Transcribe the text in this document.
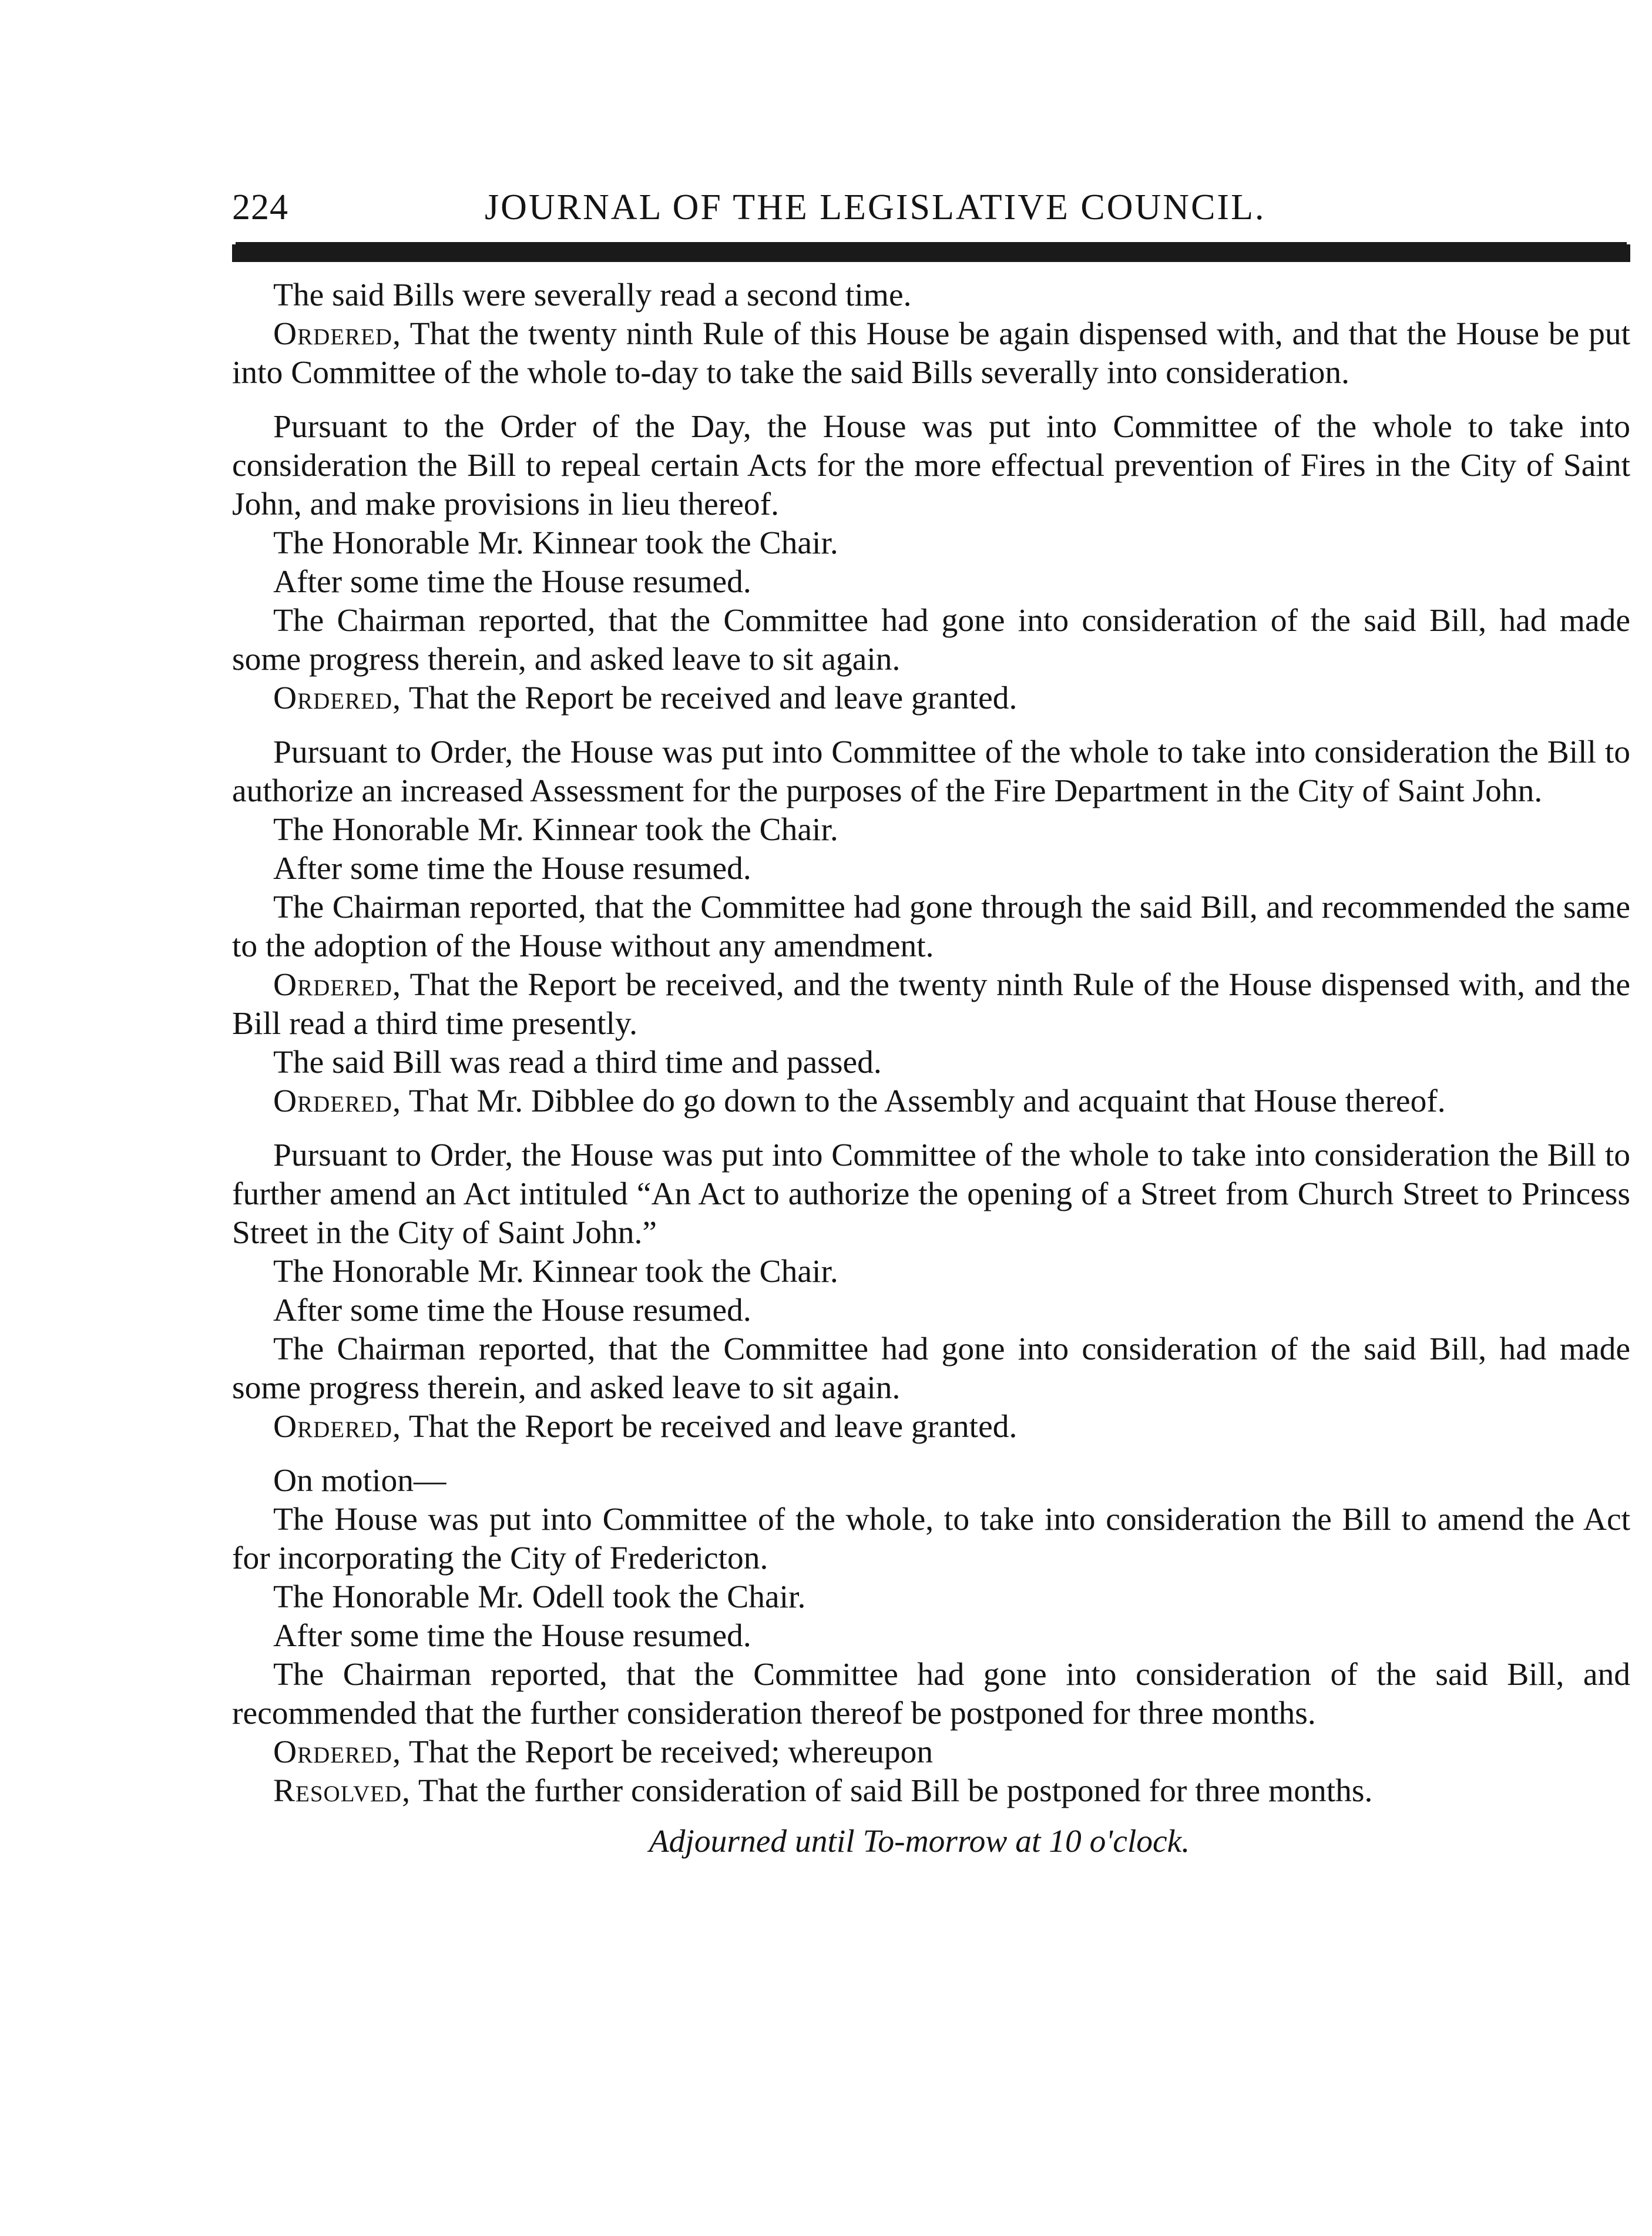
224	JOURNAL OF THE LEGISLATIVE COUNCIL.

The said Bills were severally read a second time.

Ordered, That the twenty ninth Rule of this House be again dispensed with, and that the House be put into Committee of the whole to-day to take the said Bills severally into consideration.

Pursuant to the Order of the Day, the House was put into Committee of the whole to take into consideration the Bill to repeal certain Acts for the more effectual prevention of Fires in the City of Saint John, and make provisions in lieu thereof.

The Honorable Mr. Kinnear took the Chair.

After some time the House resumed.

The Chairman reported, that the Committee had gone into consideration of the said Bill, had made some progress therein, and asked leave to sit again.

Ordered, That the Report be received and leave granted.

Pursuant to Order, the House was put into Committee of the whole to take into consideration the Bill to authorize an increased Assessment for the purposes of the Fire Department in the City of Saint John.

The Honorable Mr. Kinnear took the Chair.

After some time the House resumed.

The Chairman reported, that the Committee had gone through the said Bill, and recommended the same to the adoption of the House without any amendment.

Ordered, That the Report be received, and the twenty ninth Rule of the House dispensed with, and the Bill read a third time presently.

The said Bill was read a third time and passed.

Ordered, That Mr. Dibblee do go down to the Assembly and acquaint that House thereof.

Pursuant to Order, the House was put into Committee of the whole to take into consideration the Bill to further amend an Act intituled “An Act to authorize the opening of a Street from Church Street to Princess Street in the City of Saint John.”

The Honorable Mr. Kinnear took the Chair.

After some time the House resumed.

The Chairman reported, that the Committee had gone into consideration of the said Bill, had made some progress therein, and asked leave to sit again.

Ordered, That the Report be received and leave granted.

On motion—

The House was put into Committee of the whole, to take into consideration the Bill to amend the Act for incorporating the City of Fredericton.

The Honorable Mr. Odell took the Chair.

After some time the House resumed.

The Chairman reported, that the Committee had gone into consideration of the said Bill, and recommended that the further consideration thereof be postponed for three months.

Ordered, That the Report be received; whereupon

Resolved, That the further consideration of said Bill be postponed for three months.

Adjourned until To-morrow at 10 o'clock.
